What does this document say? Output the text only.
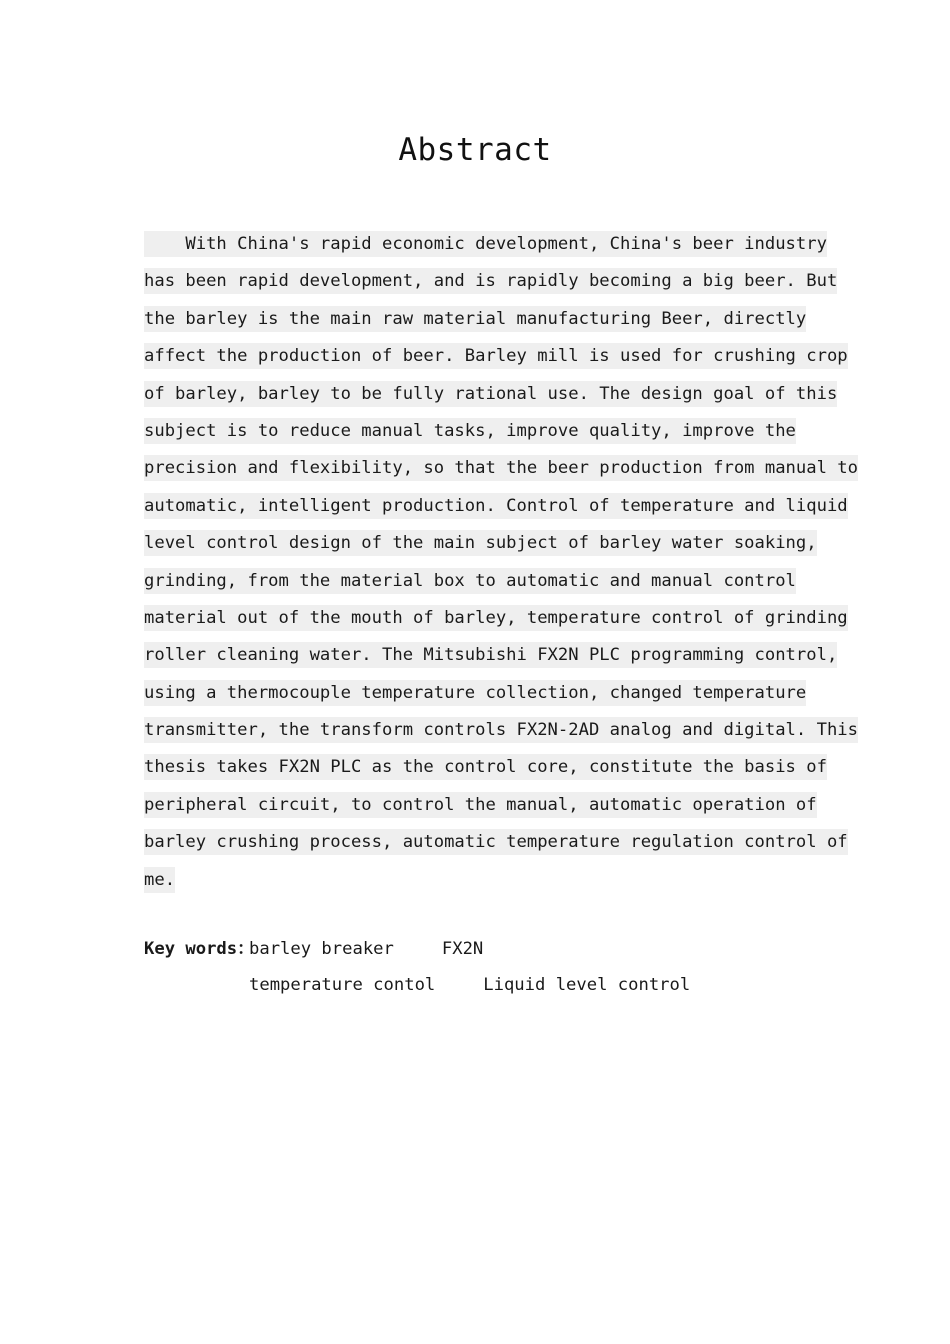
Abstract
With China's rapid economic development, China's beer industry
has been rapid development, and is rapidly becoming a big beer. But
the barley is the main raw material manufacturing Beer, directly
affect the production of beer. Barley mill is used for crushing crop
of barley, barley to be fully rational use. The design goal of this
subject is to reduce manual tasks, improve quality, improve the
precision and flexibility, so that the beer production from manual to
automatic, intelligent production. Control of temperature and liquid
level control design of the main subject of barley water soaking,
grinding, from the material box to automatic and manual control
material out of the mouth of barley, temperature control of grinding
roller cleaning water. The Mitsubishi FX2N PLC programming control,
using a thermocouple temperature collection, changed temperature
transmitter, the transform controls FX2N-2AD analog and digital. This
thesis takes FX2N PLC as the control core, constitute the basis of
peripheral circuit, to control the manual, automatic operation of
barley crushing process, automatic temperature regulation control of
me.
Key words：barley breaker	FX2N
temperature contol	Liquid level control
